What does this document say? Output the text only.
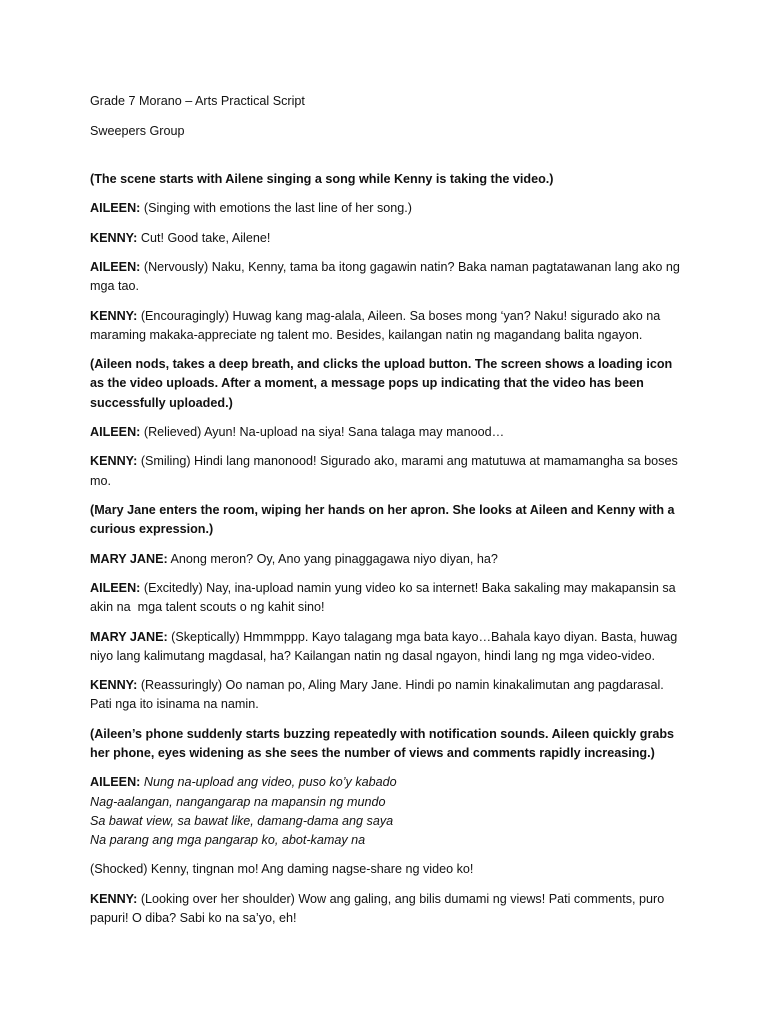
Grade 7 Morano – Arts Practical Script

Sweepers Group

(The scene starts with Ailene singing a song while Kenny is taking the video.)

AILEEN: (Singing with emotions the last line of her song.)

KENNY: Cut! Good take, Ailene!

AILEEN: (Nervously) Naku, Kenny, tama ba itong gagawin natin? Baka naman pagtatawanan lang ako ng mga tao.

KENNY: (Encouragingly) Huwag kang mag-alala, Aileen. Sa boses mong ‘yan? Naku! sigurado ako na maraming makaka-appreciate ng talent mo. Besides, kailangan natin ng magandang balita ngayon.

(Aileen nods, takes a deep breath, and clicks the upload button. The screen shows a loading icon as the video uploads. After a moment, a message pops up indicating that the video has been successfully uploaded.)

AILEEN: (Relieved) Ayun! Na-upload na siya! Sana talaga may manood…

KENNY: (Smiling) Hindi lang manonood! Sigurado ako, marami ang matutuwa at mamamangha sa boses mo.

(Mary Jane enters the room, wiping her hands on her apron. She looks at Aileen and Kenny with a curious expression.)

MARY JANE: Anong meron? Oy, Ano yang pinaggagawa niyo diyan, ha?

AILEEN: (Excitedly) Nay, ina-upload namin yung video ko sa internet! Baka sakaling may makapansin sa akin na  mga talent scouts o ng kahit sino!

MARY JANE: (Skeptically) Hmmmppp. Kayo talagang mga bata kayo…Bahala kayo diyan. Basta, huwag niyo lang kalimutang magdasal, ha? Kailangan natin ng dasal ngayon, hindi lang ng mga video-video.

KENNY: (Reassuringly) Oo naman po, Aling Mary Jane. Hindi po namin kinakalimutan ang pagdarasal. Pati nga ito isinama na namin.

(Aileen’s phone suddenly starts buzzing repeatedly with notification sounds. Aileen quickly grabs her phone, eyes widening as she sees the number of views and comments rapidly increasing.)

AILEEN: Nung na-upload ang video, puso ko’y kabado
Nag-aalangan, nangangarap na mapansin ng mundo
Sa bawat view, sa bawat like, damang-dama ang saya
Na parang ang mga pangarap ko, abot-kamay na

(Shocked) Kenny, tingnan mo! Ang daming nagse-share ng video ko!

KENNY: (Looking over her shoulder) Wow ang galing, ang bilis dumami ng views! Pati comments, puro papuri! O diba? Sabi ko na sa’yo, eh!
